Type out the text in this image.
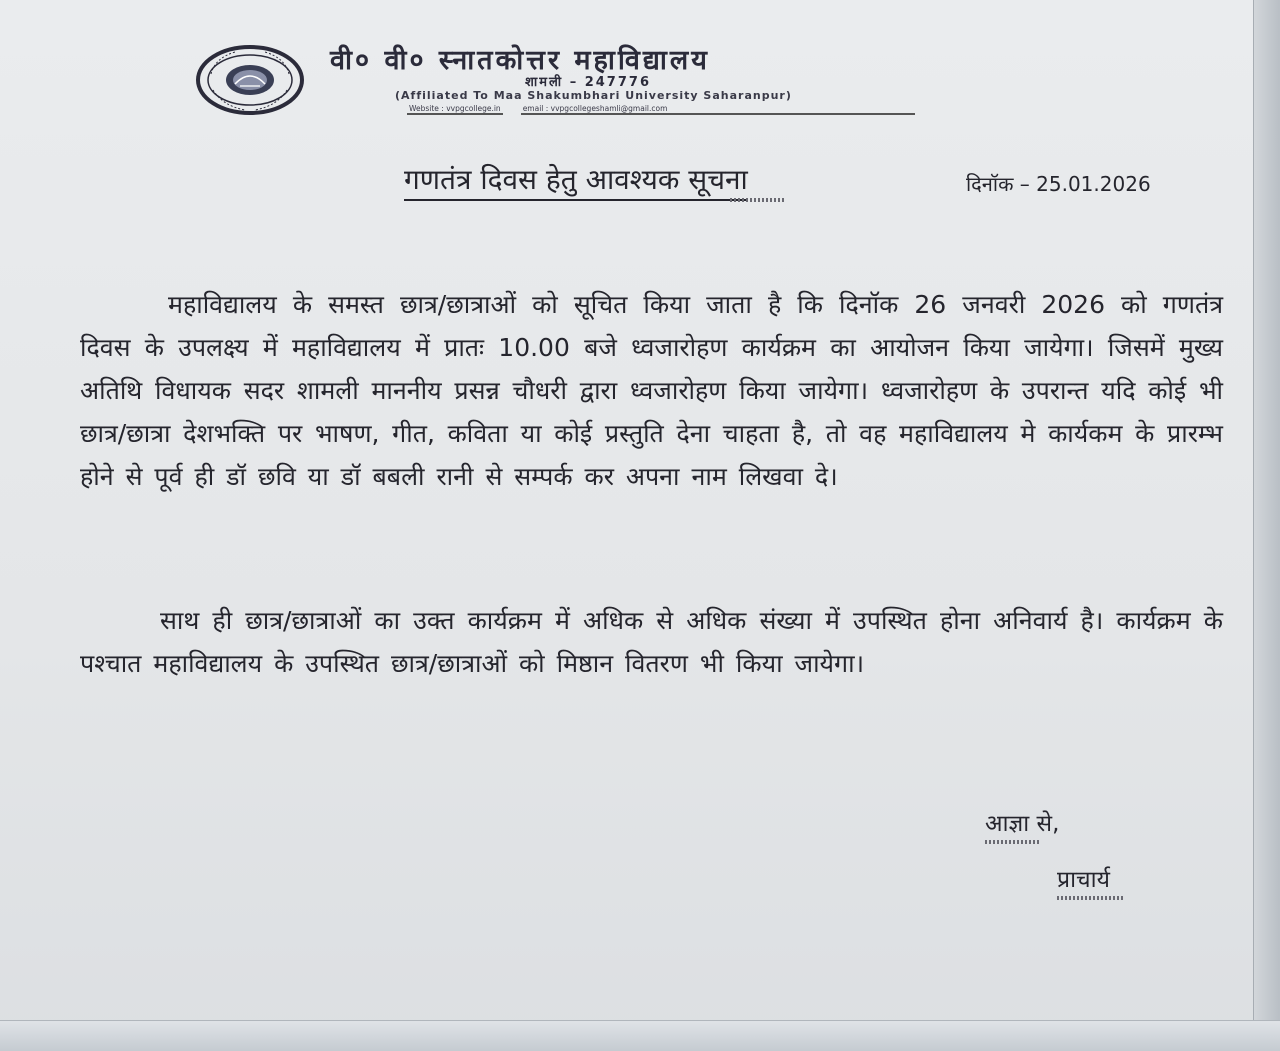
वी० वी० स्नातकोत्तर महाविद्यालय
शामली – 247776
(Affiliated To Maa Shakumbhari University Saharanpur)
Website : vvpgcollege.in	email : vvpgcollegeshamli@gmail.com
गणतंत्र दिवस हेतु आवश्यक सूचना	दिनॉक – 25.01.2026
महाविद्यालय के समस्त छात्र/छात्राओं को सूचित किया जाता है कि दिनॉक 26 जनवरी 2026 को गणतंत्र दिवस के उपलक्ष्य में महाविद्यालय में प्रातः 10.00 बजे ध्वजारोहण कार्यक्रम का आयोजन किया जायेगा। जिसमें मुख्य अतिथि विधायक सदर शामली माननीय प्रसन्न चौधरी द्वारा ध्वजारोहण किया जायेगा। ध्वजारोहण के उपरान्त यदि कोई भी छात्र/छात्रा देशभक्ति पर भाषण, गीत, कविता या कोई प्रस्तुति देना चाहता है, तो वह महाविद्यालय मे कार्यकम के प्रारम्भ होने से पूर्व ही डॉ छवि या डॉ बबली रानी से सम्पर्क कर अपना नाम लिखवा दे।
साथ ही छात्र/छात्राओं का उक्त कार्यक्रम में अधिक से अधिक संख्या में उपस्थित होना अनिवार्य है। कार्यक्रम के पश्चात महाविद्यालय के उपस्थित छात्र/छात्राओं को मिष्ठान वितरण भी किया जायेगा।
आज्ञा से,
प्राचार्य
